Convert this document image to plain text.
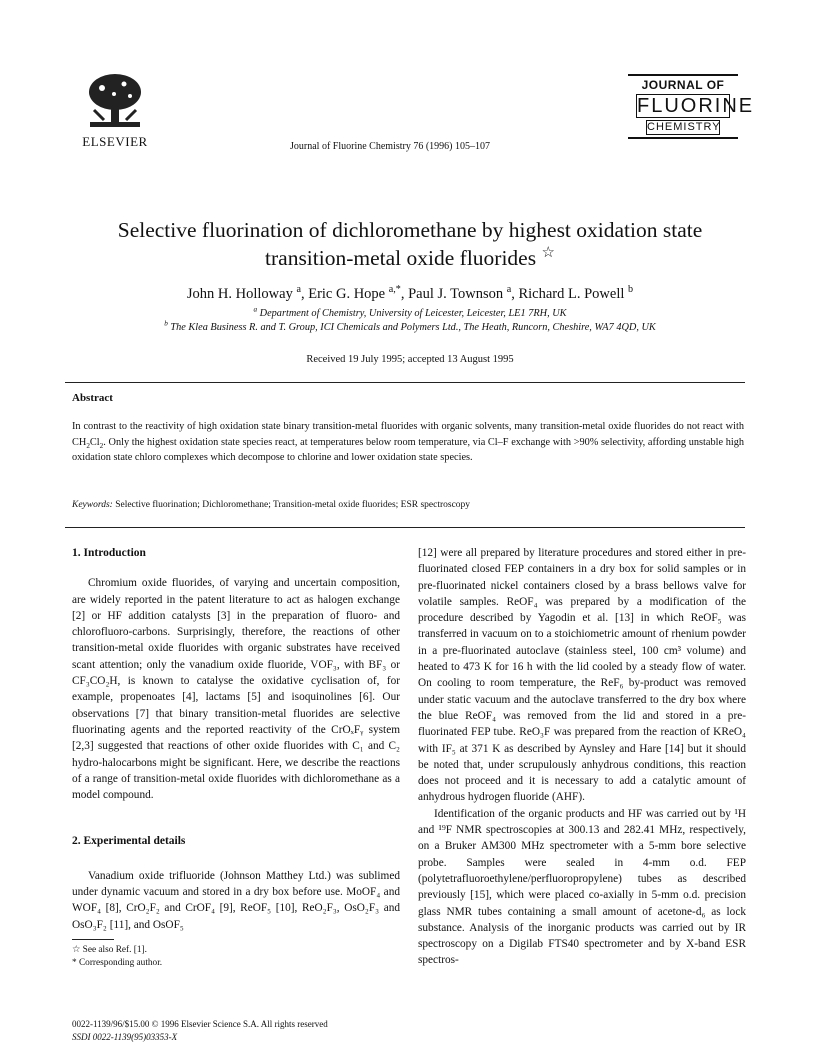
ELSEVIER	Journal of Fluorine Chemistry 76 (1996) 105–107
JOURNAL OF
FLUORINE
CHEMISTRY
Selective fluorination of dichloromethane by highest oxidation state
transition-metal oxide fluorides ☆
John H. Holloway $^a$, Eric G. Hope $^{a,*}$, Paul J. Townson $^a$, Richard L. Powell $^b$
$^a$ Department of Chemistry, University of Leicester, Leicester, LE1 7RH, UK
$^b$ The Klea Business R. and T. Group, ICI Chemicals and Polymers Ltd., The Heath, Runcorn, Cheshire, WA7 4QD, UK
Received 19 July 1995; accepted 13 August 1995
Abstract
In contrast to the reactivity of high oxidation state binary transition-metal fluorides with organic solvents, many transition-metal oxide fluorides do not react with $CH_2Cl_2$. Only the highest oxidation state species react, at temperatures below room temperature, via Cl–F exchange with >90% selectivity, affording unstable high oxidation state chloro complexes which decompose to chlorine and lower oxidation state species.
Keywords: Selective fluorination; Dichloromethane; Transition-metal oxide fluorides; ESR spectroscopy
1. Introduction

Chromium oxide fluorides, of varying and uncertain composition, are widely reported in the patent literature to act as halogen exchange [2] or HF addition catalysts [3] in the preparation of fluoro- and chlorofluoro-carbons. Surprisingly, therefore, the reactions of other transition-metal oxide fluorides with organic substrates have received scant attention; only the vanadium oxide fluoride, VOF₃, with BF₃ or CF₃CO₂H, is known to catalyse the oxidative cyclisation of, for example, propenoates [4], lactams [5] and isoquinolines [6]. Our observations [7] that binary transition-metal fluorides are selective fluorinating agents and the reported reactivity of the CrOₓFᵧ system [2,3] suggested that reactions of other oxide fluorides with C₁ and C₂ hydro-halocarbons might be significant. Here, we describe the reactions of a range of transition-metal oxide fluorides with dichloromethane as a model compound.

2. Experimental details

Vanadium oxide trifluoride (Johnson Matthey Ltd.) was sublimed under dynamic vacuum and stored in a dry box before use. MoOF₄ and WOF₄ [8], CrO₂F₂ and CrOF₄ [9], ReOF₅ [10], ReO₂F₃, OsO₂F₃ and OsO₃F₂ [11], and OsOF₅

☆ See also Ref. [1].
* Corresponding author.

[12] were all prepared by literature procedures and stored either in pre-fluorinated closed FEP containers in a dry box for solid samples or in pre-fluorinated nickel containers closed by a brass bellows valve for volatile samples. ReOF₄ was prepared by a modification of the procedure described by Yagodin et al. [13] in which ReOF₅ was transferred in vacuum on to a stoichiometric amount of rhenium powder in a pre-fluorinated autoclave (stainless steel, 100 cm³ volume) and heated to 473 K for 16 h with the lid cooled by a steady flow of water. On cooling to room temperature, the ReF₆ by-product was removed under static vacuum and the autoclave transferred to the dry box where the blue ReOF₄ was removed from the lid and stored in a pre-fluorinated FEP tube. ReO₃F was prepared from the reaction of KReO₄ with IF₅ at 371 K as described by Aynsley and Hare [14] but it should be noted that, under scrupulously anhydrous conditions, this reaction does not proceed and it is necessary to add a catalytic amount of anhydrous hydrogen fluoride (AHF).

Identification of the organic products and HF was carried out by ¹H and ¹⁹F NMR spectroscopies at 300.13 and 282.41 MHz, respectively, on a Bruker AM300 MHz spectrometer with a 5-mm bore selective probe. Samples were sealed in 4-mm o.d. FEP (polytetrafluoroethylene/perfluoropropylene) tubes as described previously [15], which were placed co-axially in 5-mm o.d. precision glass NMR tubes containing a small amount of acetone-d₆ as lock substance. Analysis of the inorganic products was carried out by IR spectroscopy on a Digilab FTS40 spectrometer and by X-band ESR spectros-

0022-1139/96/$15.00 © 1996 Elsevier Science S.A. All rights reserved
SSDI 0022-1139(95)03353-X
